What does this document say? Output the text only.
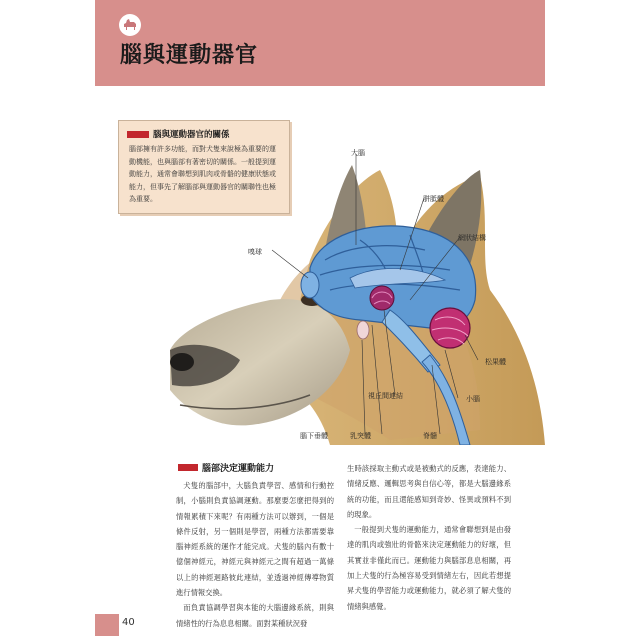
腦與運動器官
腦與運動器官的關係
腦部擁有許多功能，而對犬隻來說極為重要的運動機能，也與腦部有著密切的關係。一般提到運動能力，通常會聯想到肌肉或骨骼的健康狀態或能力，但事先了解腦部與運動器官的關聯性也極為重要。
大腦
胼胝體
網狀結構
嗅球
松果體
視丘間連結	小腦
腦下垂體	乳突體	脊髓
腦部決定運動能力

犬隻的腦部中，大腦負責學習、感情和行動控制，小腦則負責協調運動。那麼要怎麼把得到的情報累積下來呢？有兩種方法可以辦到，一個是條件反射，另一個則是學習，兩種方法都需要靠腦神經系統的運作才能完成。犬隻的腦內有數十億個神經元，神經元與神經元之間有超過一萬條以上的神經迴路彼此連結，並透過神經傳導物質進行情報交換。

而負責協調學習與本能的大腦邊緣系統，則與情緒性的行為息息相關。面對某種狀況發

生時該採取主動式或是被動式的反應，表達能力、情緒反應、邏輯思考與自信心等，都是大腦邊緣系統的功能，而且還能感知到奇妙、怪異或預料不到的現象。

一般提到犬隻的運動能力，通常會聯想到是由發達的肌肉或強壯的骨骼來決定運動能力的好壞，但其實並非僅此而已。運動能力與腦部息息相關，再加上犬隻的行為極容易受到情緒左右，因此若想提昇犬隻的學習能力或運動能力，就必須了解犬隻的情緒與感覺。

40
